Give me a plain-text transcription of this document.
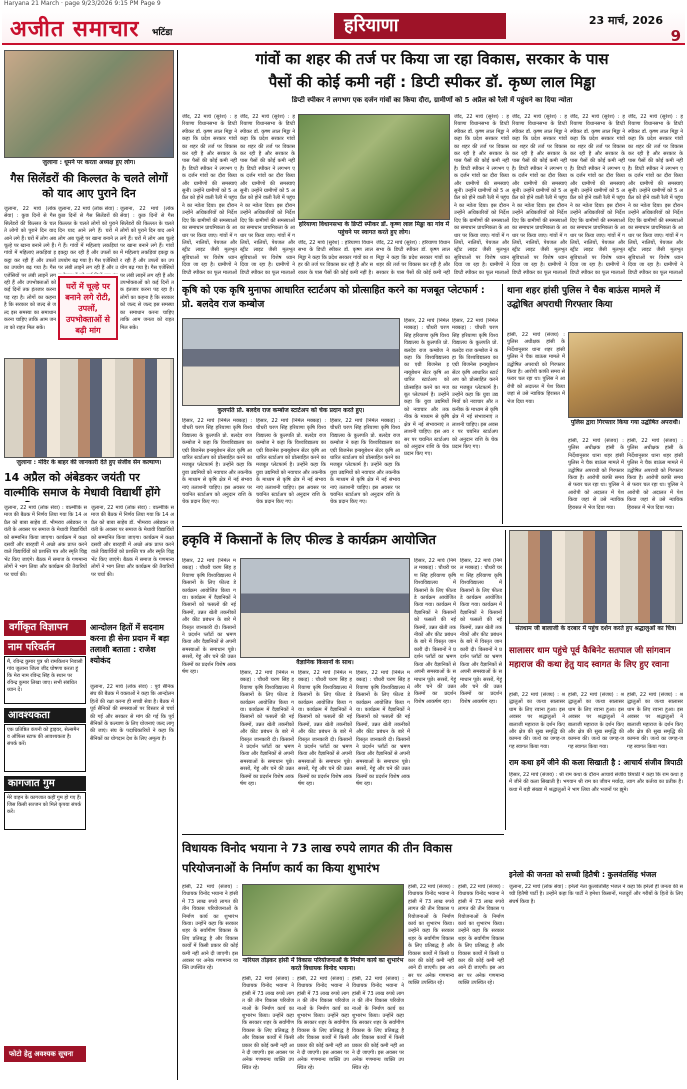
Haryana 21 March · page 9/23/2026 9:15 PM Page 9
अजीत समाचार भटिंडा	हरियाणा	23 मार्च, 2026
9
जुलाना : धूमने पर करता अध्यक्ष हुए लोग।
गैस सिलेंडरों की किल्लत के चलते लोगों को याद आए पुराने दिन
जुलाना, 22 मार्च (लोक सेवा) : कुछ दिनों से गैस सिलेंडरों की किल्लत के चलते लोगों को पुराने दिन याद आने लगे हैं। घरों में लोग अब चूल्हे पर खाना बनाने लगे हैं। गांवों में महिलाएं लकड़ियां इकट्ठा कर रही हैं और उपलों का उपयोग बढ़ गया है। गैस एजेंसियों पर लंबी लाइनें लग रही हैं और उपभोक्ताओं को कई दिनों तक इंतजार करना पड़ रहा है। लोगों का कहना है कि सरकार को जल्द से जल्द इस समस्या का समाधान करना चाहिए ताकि आम जनता को राहत मिल सके।
घरों में चूल्हे पर बनाने लगे रोटी, उपलों, उपभोक्ताओं से बढ़ी मांग
जुलाना, 22 मार्च (लोक सेवा) : कुछ दिनों से गैस सिलेंडरों की किल्लत के चलते लोगों को पुराने दिन याद आने लगे हैं। घरों में लोग अब चूल्हे पर खाना बनाने लगे हैं। गांवों में महिलाएं लकड़ियां इकट्ठा कर रही हैं और उपलों का उपयोग बढ़ गया है। गैस एजेंसियों पर लंबी लाइनें लग रही हैं और उ
जुलाना, 22 मार्च (लोक सेवा) : कुछ दिनों से गैस सिलेंडरों की किल्लत के चलते लोगों को पुराने दिन याद आने लगे हैं। घरों में लोग अब चूल्हे पर खाना बनाने लगे हैं। गांवों में महिलाएं लकड़ियां इकट्ठा कर रही हैं और उपलों का उपयोग बढ़ गया है। गैस एजेंसियों पर लंबी लाइनें लग रही हैं और उपभोक्ताओं को कई दिनों तक इंतजार करना पड़ रहा है। लोगों का कहना है कि सरकार को जल्द से जल्द इस समस्या का समाधान करना चाहिए ताकि आम जनता को राहत मिल सके।
जुलाना : मंदिर के बाहर की जानकारी देते हुए संजीव सेन कल्याण।
14 अप्रैल को अंबेडकर जयंती पर वाल्मीकि समाज के मेधावी विद्यार्थी होंगे
जुलाना, 22 मार्च (लोक सेवा) : वाल्मीकि समाज की बैठक में निर्णय लिया गया कि 14 अप्रैल को बाबा साहेब डॉ. भीमराव अंबेडकर जयंती के अवसर पर समाज के मेधावी विद्यार्थियों को सम्मानित किया जाएगा। कार्यक्रम में कक्षा दसवीं और बारहवीं में अच्छे अंक प्राप्त करने वाले विद्यार्थियों को प्रशस्ति पत्र और स्मृति चिह्न भेंट किए जाएंगे। बैठक में समाज के गणमान्य लोगों ने भाग लिया और कार्यक्रम की तैयारियों पर चर्चा की।
जुलाना, 22 मार्च (लोक सेवा) : वाल्मीकि समाज की बैठक में निर्णय लिया गया कि 14 अप्रैल को बाबा साहेब डॉ. भीमराव अंबेडकर जयंती के अवसर पर समाज के मेधावी विद्यार्थियों को सम्मानित किया जाएगा। कार्यक्रम में कक्षा दसवीं और बारहवीं में अच्छे अंक प्राप्त करने वाले विद्यार्थियों को प्रशस्ति पत्र और स्मृति चिह्न भेंट किए जाएंगे। बैठक में समाज के गणमान्य लोगों ने भाग लिया और कार्यक्रम की तैयारियों पर चर्चा की।
वर्गीकृत विज्ञापन
नाम परिवर्तन
मैं, रविन्द्र कुमार पुत्र श्री रामकिशन निवासी गांव जुलाना जिला जींद घोषणा करता हूं कि मेरा नाम रविन्द्र सिंह के स्थान पर रविन्द्र कुमार लिखा जाए। सभी संबंधित ध्यान दें।
आवश्यकता
एक प्रतिष्ठित कंपनी को ड्राइवर, सेल्समैन व ऑफिस स्टाफ की आवश्यकता है। संपर्क करें।
कागजात गुम
मेरे वाहन के कागजात कहीं गुम हो गए हैं। जिस किसी सज्जन को मिले कृपया संपर्क करें।
फोटो हेतु अवश्यक सूचना
आन्दोलन हितों में सदनाम करना ही सेना प्रदान में बड़ा तलाशी बताता : राजेश श्योकंद
जुलाना, 22 मार्च (लोक सेवा) : पूर्व सैनिक संघ की बैठक में वक्ताओं ने कहा कि आन्दोलन हितों की रक्षा करना ही सच्ची सेवा है। बैठक में पूर्व सैनिकों की समस्याओं पर विस्तार से चर्चा की गई और सरकार से मांग की गई कि पूर्व सैनिकों के कल्याण के लिए योजनाएं जल्द लागू की जाएं। संघ के पदाधिकारियों ने कहा कि सैनिकों का योगदान देश के लिए अमूल्य है।
गांवों का शहर की तर्ज पर किया जा रहा विकास, सरकार के पास
पैसों की कोई कमी नहीं : डिप्टी स्पीकर डॉ. कृष्ण लाल मिड्ढा
डिप्टी स्पीकर ने लगभग एक दर्जन गांवों का किया दौरा, ग्रामीणों को 5 अप्रैल को रैली में पहुंचने का दिया न्योता
जींद, 22 मार्च (सुरेश) : हरियाणा विधानसभा के डिप्टी स्पीकर डॉ. कृष्ण लाल मिड्ढा ने कहा कि प्रदेश सरकार गांवों का शहर की तर्ज पर विकास कर रही है और सरकार के पास पैसों की कोई कमी नहीं है। डिप्टी स्पीकर ने लगभग एक दर्जन गांवों का दौरा किया और ग्रामीणों की समस्याएं सुनीं। उन्होंने ग्रामीणों को 5 अप्रैल को होने वाली रैली में पहुंचने का न्योता दिया। इस दौरान उन्होंने अधिकारियों को निर्देश दिए कि ग्रामीणों की समस्याओं का समाधान प्राथमिकता के आधार पर किया जाए। गांवों में गलियों, नालियों, पेयजल और स्ट्रीट लाइट जैसी मूलभूत सुविधाओं पर विशेष ध्यान दिया जा रहा है। ग्रामीणों ने डिप्टी स्पीकर का फूल मालाओं
जींद, 22 मार्च (सुरेश) : हरियाणा विधानसभा के डिप्टी स्पीकर डॉ. कृष्ण लाल मिड्ढा ने कहा कि प्रदेश सरकार गांवों का शहर की तर्ज पर विकास कर रही है और सरकार के पास पैसों की कोई कमी नहीं है। डिप्टी स्पीकर ने लगभग एक दर्जन गांवों का दौरा किया और ग्रामीणों की समस्याएं सुनीं। उन्होंने ग्रामीणों को 5 अप्रैल को होने वाली रैली में पहुंचने का न्योता दिया। इस दौरान उन्होंने अधिकारियों को निर्देश दिए कि ग्रामीणों की समस्याओं का समाधान प्राथमिकता के आधार पर किया जाए। गांवों में गलियों, नालियों, पेयजल और स्ट्रीट लाइट जैसी मूलभूत सुविधाओं पर विशेष ध्यान दिया जा रहा है। ग्रामीणों ने डिप्टी स्पीकर का फूल मालाओं
हरियाणा विधानसभा के डिप्टी स्पीकर डॉ. कृष्ण लाल मिड्ढा का गांव में पहुंचने पर स्वागत करते हुए लोग।
जींद, 22 मार्च (सुरेश) : हरियाणा विधानसभा के डिप्टी स्पीकर डॉ. कृष्ण लाल मिड्ढा ने कहा कि प्रदेश सरकार गांवों का शहर की तर्ज पर विकास कर रही है और सरकार के पास पैसों की कोई कमी नहीं है।
जींद, 22 मार्च (सुरेश) : हरियाणा विधानसभा के डिप्टी स्पीकर डॉ. कृष्ण लाल मिड्ढा ने कहा कि प्रदेश सरकार गांवों का शहर की तर्ज पर विकास कर रही है और सरकार के पास पैसों की कोई कमी नहीं
जींद, 22 मार्च (सुरेश) : हरियाणा विधानसभा के डिप्टी स्पीकर डॉ. कृष्ण लाल मिड्ढा ने कहा कि प्रदेश सरकार गांवों का शहर की तर्ज पर विकास कर रही है और सरकार के पास पैसों की कोई कमी नहीं है। डिप्टी स्पीकर ने लगभग एक दर्जन गांवों का दौरा किया और ग्रामीणों की समस्याएं सुनीं। उन्होंने ग्रामीणों को 5 अप्रैल को होने वाली रैली में पहुंचने का न्योता दिया। इस दौरान उन्होंने अधिकारियों को निर्देश दिए कि ग्रामीणों की समस्याओं का समाधान प्राथमिकता के आधार पर किया जाए। गांवों में गलियों, नालियों, पेयजल और स्ट्रीट लाइट जैसी मूलभूत सुविधाओं पर विशेष ध्यान दिया जा रहा है। ग्रामीणों ने डिप्टी स्पीकर का फूल मालाओं
जींद, 22 मार्च (सुरेश) : हरियाणा विधानसभा के डिप्टी स्पीकर डॉ. कृष्ण लाल मिड्ढा ने कहा कि प्रदेश सरकार गांवों का शहर की तर्ज पर विकास कर रही है और सरकार के पास पैसों की कोई कमी नहीं है। डिप्टी स्पीकर ने लगभग एक दर्जन गांवों का दौरा किया और ग्रामीणों की समस्याएं सुनीं। उन्होंने ग्रामीणों को 5 अप्रैल को होने वाली रैली में पहुंचने का न्योता दिया। इस दौरान उन्होंने अधिकारियों को निर्देश दिए कि ग्रामीणों की समस्याओं का समाधान प्राथमिकता के आधार पर किया जाए। गांवों में गलियों, नालियों, पेयजल और स्ट्रीट लाइट जैसी मूलभूत सुविधाओं पर विशेष ध्यान दिया जा रहा है। ग्रामीणों ने डिप्टी स्पीकर का फूल मालाओं
जींद, 22 मार्च (सुरेश) : हरियाणा विधानसभा के डिप्टी स्पीकर डॉ. कृष्ण लाल मिड्ढा ने कहा कि प्रदेश सरकार गांवों का शहर की तर्ज पर विकास कर रही है और सरकार के पास पैसों की कोई कमी नहीं है। डिप्टी स्पीकर ने लगभग एक दर्जन गांवों का दौरा किया और ग्रामीणों की समस्याएं सुनीं। उन्होंने ग्रामीणों को 5 अप्रैल को होने वाली रैली में पहुंचने का न्योता दिया। इस दौरान उन्होंने अधिकारियों को निर्देश दिए कि ग्रामीणों की समस्याओं का समाधान प्राथमिकता के आधार पर किया जाए। गांवों में गलियों, नालियों, पेयजल और स्ट्रीट लाइट जैसी मूलभूत सुविधाओं पर विशेष ध्यान दिया जा रहा है। ग्रामीणों ने डिप्टी स्पीकर का फूल मालाओं
जींद, 22 मार्च (सुरेश) : हरियाणा विधानसभा के डिप्टी स्पीकर डॉ. कृष्ण लाल मिड्ढा ने कहा कि प्रदेश सरकार गांवों का शहर की तर्ज पर विकास कर रही है और सरकार के पास पैसों की कोई कमी नहीं है। डिप्टी स्पीकर ने लगभग एक दर्जन गांवों का दौरा किया और ग्रामीणों की समस्याएं सुनीं। उन्होंने ग्रामीणों को 5 अप्रैल को होने वाली रैली में पहुंचने का न्योता दिया। इस दौरान उन्होंने अधिकारियों को निर्देश दिए कि ग्रामीणों की समस्याओं का समाधान प्राथमिकता के आधार पर किया जाए। गांवों में गलियों, नालियों, पेयजल और स्ट्रीट लाइट जैसी मूलभूत सुविधाओं पर विशेष ध्यान दिया जा रहा है। ग्रामीणों ने डिप्टी स्पीकर का फूल मालाओं
कृषि को एक कृषि मुनाफा आधारित स्टार्टअप को प्रोत्साहित करने का मजबूत प्लेटफार्म : प्रो. बलदेव राज कम्बोज
कुलपति प्रो. बलदेव राज कम्बोज स्टार्टअप को चेक प्रदान करते हुए।
हिसार, 22 मार्च (निर्मल मक्कड़) : चौधरी चरण सिंह हरियाणा कृषि विश्वविद्यालय के कुलपति प्रो. बलदेव राज कम्बोज ने कहा कि विश्वविद्यालय का एग्री बिजनेस इन्क्यूबेशन सेंटर कृषि आधारित स्टार्टअप को प्रोत्साहित करने का मजबूत प्लेटफार्म है। उन्होंने कहा कि युवा उद्यमियों को नवाचार और तकनीक के माध्यम से कृषि क्षेत्र में नई संभावनाएं तलाशनी चाहिए। इस अवसर पर चयनित स्टार्टअप को अनुदान राशि के चेक प्रदान किए गए।
हिसार, 22 मार्च (निर्मल मक्कड़) : चौधरी चरण सिंह हरियाणा कृषि विश्वविद्यालय के कुलपति प्रो. बलदेव राज कम्बोज ने कहा कि विश्वविद्यालय का एग्री बिजनेस इन्क्यूबेशन सेंटर कृषि आधारित स्टार्टअप को प्रोत्साहित करने का मजबूत प्लेटफार्म है। उन्होंने कहा कि युवा उद्यमियों को नवाचार और तकनीक के माध्यम से कृषि क्षेत्र में नई संभावनाएं तलाशनी चाहिए। इस अवसर पर चयनित स्टार्टअप को अनुदान राशि के चेक प्रदान किए गए।
हिसार, 22 मार्च (निर्मल मक्कड़) : चौधरी चरण सिंह हरियाणा कृषि विश्वविद्यालय के कुलपति प्रो. बलदेव राज कम्बोज ने कहा कि विश्वविद्यालय का एग्री बिजनेस इन्क्यूबेशन सेंटर कृषि आधारित स्टार्टअप को प्रोत्साहित करने का मजबूत प्लेटफार्म है। उन्होंने कहा कि युवा उद्यमियों को नवाचार और तकनीक के माध्यम से कृषि क्षेत्र में नई संभावनाएं तलाशनी चाहिए। इस अवसर पर चयनित स्टार्टअप को अनुदान राशि के चेक प्रदान किए गए।
हिसार, 22 मार्च (निर्मल मक्कड़) : चौधरी चरण सिंह हरियाणा कृषि विश्वविद्यालय के कुलपति प्रो. बलदेव राज कम्बोज ने कहा कि विश्वविद्यालय का एग्री बिजनेस इन्क्यूबेशन सेंटर कृषि आधारित स्टार्टअप को प्रोत्साहित करने का मजबूत प्लेटफार्म है। उन्होंने कहा कि युवा उद्यमियों को नवाचार और तकनीक के माध्यम से कृषि क्षेत्र में नई संभावनाएं तलाशनी चाहिए। इस अवसर पर चयनित स्टार्टअप को अनुदान राशि के चेक प्रदान किए गए।
हिसार, 22 मार्च (निर्मल मक्कड़) : चौधरी चरण सिंह हरियाणा कृषि विश्वविद्यालय के कुलपति प्रो. बलदेव राज कम्बोज ने कहा कि विश्वविद्यालय का एग्री बिजनेस इन्क्यूबेशन सेंटर कृषि आधारित स्टार्टअप को प्रोत्साहित करने का मजबूत प्लेटफार्म है। उन्होंने कहा कि युवा उद्यमियों को नवाचार और तकनीक के माध्यम से कृषि क्षेत्र में नई संभावनाएं तलाशनी चाहिए। इस अवसर पर चयनित स्टार्टअप को अनुदान राशि के चेक प्रदान किए गए।
थाना शहर हांसी पुलिस ने चैक बाऊंस मामले में उद्घोषित अपराधी गिरफ्तार किया
हांसी, 22 मार्च (संजय) : पुलिस अधीक्षक हांसी के निर्देशानुसार थाना शहर हांसी पुलिस ने चैक बाऊंस मामले में उद्घोषित अपराधी को गिरफ्तार किया है। आरोपी काफी समय से फरार चल रहा था। पुलिस ने आरोपी को अदालत में पेश किया जहां से उसे न्यायिक हिरासत में भेज दिया गया।
पुलिस द्वारा गिरफ्तार किया गया उद्घोषित अपराधी।
हांसी, 22 मार्च (संजय) : पुलिस अधीक्षक हांसी के निर्देशानुसार थाना शहर हांसी पुलिस ने चैक बाऊंस मामले में उद्घोषित अपराधी को गिरफ्तार किया है। आरोपी काफी समय से फरार चल रहा था। पुलिस ने आरोपी को अदालत में पेश किया जहां से उसे न्यायिक हिरासत में भेज दिया गया।
हांसी, 22 मार्च (संजय) : पुलिस अधीक्षक हांसी के निर्देशानुसार थाना शहर हांसी पुलिस ने चैक बाऊंस मामले में उद्घोषित अपराधी को गिरफ्तार किया है। आरोपी काफी समय से फरार चल रहा था। पुलिस ने आरोपी को अदालत में पेश किया जहां से उसे न्यायिक हिरासत में भेज दिया गया।
हकृवि में किसानों के लिए फील्ड डे कार्यक्रम आयोजित
हिसार, 22 मार्च (निर्मल मक्कड़) : चौधरी चरण सिंह हरियाणा कृषि विश्वविद्यालय में किसानों के लिए फील्ड डे कार्यक्रम आयोजित किया गया। कार्यक्रम में वैज्ञानिकों ने किसानों को फसलों की नई किस्मों, उन्नत खेती तकनीकों और कीट प्रबंधन के बारे में विस्तृत जानकारी दी। किसानों ने प्रदर्शन प्लॉटों का भ्रमण किया और वैज्ञानिकों से अपनी समस्याओं के समाधान पूछे। सरसों, गेहूं और चने की उन्नत किस्मों का प्रदर्शन विशेष आकर्षण रहा।
वैज्ञानिक किसानों के साथ।
हिसार, 22 मार्च (निर्मल मक्कड़) : चौधरी चरण सिंह हरियाणा कृषि विश्वविद्यालय में किसानों के लिए फील्ड डे कार्यक्रम आयोजित किया गया। कार्यक्रम में वैज्ञानिकों ने किसानों को फसलों की नई किस्मों, उन्नत खेती तकनीकों और कीट प्रबंधन के बारे में विस्तृत जानकारी दी। किसानों ने प्रदर्शन प्लॉटों का भ्रमण किया और वैज्ञानिकों से अपनी समस्याओं के समाधान पूछे। सरसों, गेहूं और चने की उन्नत किस्मों का प्रदर्शन विशेष आकर्षण रहा।
हिसार, 22 मार्च (निर्मल मक्कड़) : चौधरी चरण सिंह हरियाणा कृषि विश्वविद्यालय में किसानों के लिए फील्ड डे कार्यक्रम आयोजित किया गया। कार्यक्रम में वैज्ञानिकों ने किसानों को फसलों की नई किस्मों, उन्नत खेती तकनीकों और कीट प्रबंधन के बारे में विस्तृत जानकारी दी। किसानों ने प्रदर्शन प्लॉटों का भ्रमण किया और वैज्ञानिकों से अपनी समस्याओं के समाधान पूछे। सरसों, गेहूं और चने की उन्नत किस्मों का प्रदर्शन विशेष आकर्षण रहा।
हिसार, 22 मार्च (निर्मल मक्कड़) : चौधरी चरण सिंह हरियाणा कृषि विश्वविद्यालय में किसानों के लिए फील्ड डे कार्यक्रम आयोजित किया गया। कार्यक्रम में वैज्ञानिकों ने किसानों को फसलों की नई किस्मों, उन्नत खेती तकनीकों और कीट प्रबंधन के बारे में विस्तृत जानकारी दी। किसानों ने प्रदर्शन प्लॉटों का भ्रमण किया और वैज्ञानिकों से अपनी समस्याओं के समाधान पूछे। सरसों, गेहूं और चने की उन्नत किस्मों का प्रदर्शन विशेष आकर्षण रहा।
हिसार, 22 मार्च (निर्मल मक्कड़) : चौधरी चरण सिंह हरियाणा कृषि विश्वविद्यालय में किसानों के लिए फील्ड डे कार्यक्रम आयोजित किया गया। कार्यक्रम में वैज्ञानिकों ने किसानों को फसलों की नई किस्मों, उन्नत खेती तकनीकों और कीट प्रबंधन के बारे में विस्तृत जानकारी दी। किसानों ने प्रदर्शन प्लॉटों का भ्रमण किया और वैज्ञानिकों से अपनी समस्याओं के समाधान पूछे। सरसों, गेहूं और चने की उन्नत किस्मों का प्रदर्शन विशेष आकर्षण रहा।
हिसार, 22 मार्च (निर्मल मक्कड़) : चौधरी चरण सिंह हरियाणा कृषि विश्वविद्यालय में किसानों के लिए फील्ड डे कार्यक्रम आयोजित किया गया। कार्यक्रम में वैज्ञानिकों ने किसानों को फसलों की नई किस्मों, उन्नत खेती तकनीकों और कीट प्रबंधन के बारे में विस्तृत जानकारी दी। किसानों ने प्रदर्शन प्लॉटों का भ्रमण किया और वैज्ञानिकों से अपनी समस्याओं के समाधान पूछे। सरसों, गेहूं और चने की उन्नत किस्मों का प्रदर्शन विशेष आकर्षण रहा।
संतधाम जी बालाजी के दरबार में पहुंच दर्शन करते हुए श्रद्धालुओं का चित्र।
सालासर धाम पहुंचे पूर्व कैबिनेट सतपाल जी सांगवान महाराज की कथा हेतु याद स्वागत के लिए हुए रवाना
हांसी, 22 मार्च (संजय) : श्रद्धालुओं का जत्था सालासर धाम के लिए रवाना हुआ। इस अवसर पर श्रद्धालुओं ने बालाजी महाराज के दर्शन किए और क्षेत्र की सुख समृद्धि की कामना की। जत्थे का जगह-जगह स्वागत किया गया।
हांसी, 22 मार्च (संजय) : श्रद्धालुओं का जत्था सालासर धाम के लिए रवाना हुआ। इस अवसर पर श्रद्धालुओं ने बालाजी महाराज के दर्शन किए और क्षेत्र की सुख समृद्धि की कामना की। जत्थे का जगह-जगह स्वागत किया गया।
हांसी, 22 मार्च (संजय) : श्रद्धालुओं का जत्था सालासर धाम के लिए रवाना हुआ। इस अवसर पर श्रद्धालुओं ने बालाजी महाराज के दर्शन किए और क्षेत्र की सुख समृद्धि की कामना की। जत्थे का जगह-जगह स्वागत किया गया।
राम कथा हमें जीने की कला सिखाती है : आचार्य संजीव त्रिपाठी
हिसार, 22 मार्च (संजय) : श्री राम कथा के दौरान आचार्य संजीव त्रिपाठी ने कहा कि राम कथा हमें जीने की कला सिखाती है। भगवान श्री राम का जीवन मर्यादा, त्याग और कर्तव्य का प्रतीक है। कथा में बड़ी संख्या में श्रद्धालुओं ने भाग लिया और भजनों पर झूमे।
विधायक विनोद भयाना ने 73 लाख रुपये लागत की तीन विकास परियोजनाओं के निर्माण कार्य का किया शुभारंभ
हांसी, 22 मार्च (संजय) : विधायक विनोद भयाना ने हांसी में 73 लाख रुपये लागत की तीन विकास परियोजनाओं के निर्माण कार्य का शुभारंभ किया। उन्होंने कहा कि सरकार शहर के सर्वांगीण विकास के लिए प्रतिबद्ध है और विकास कार्यों में किसी प्रकार की कोई कमी नहीं आने दी जाएगी। इस अवसर पर अनेक गणमान्य व्यक्ति उपस्थित रहे।
नारियल तोड़कर हांसी में विकास परियोजनाओं के निर्माण कार्य का शुभारंभ करते विधायक विनोद भयाना।
हांसी, 22 मार्च (संजय) : विधायक विनोद भयाना ने हांसी में 73 लाख रुपये लागत की तीन विकास परियोजनाओं के निर्माण कार्य का शुभारंभ किया। उन्होंने कहा कि सरकार शहर के सर्वांगीण विकास के लिए प्रतिबद्ध है और विकास कार्यों में किसी प्रकार की कोई कमी नहीं आने दी जाएगी। इस अवसर पर अनेक गणमान्य व्यक्ति उपस्थित रहे।
हांसी, 22 मार्च (संजय) : विधायक विनोद भयाना ने हांसी में 73 लाख रुपये लागत की तीन विकास परियोजनाओं के निर्माण कार्य का शुभारंभ किया। उन्होंने कहा कि सरकार शहर के सर्वांगीण विकास के लिए प्रतिबद्ध है और विकास कार्यों में किसी प्रकार की कोई कमी नहीं आने दी जाएगी। इस अवसर पर अनेक गणमान्य व्यक्ति उपस्थित रहे।
हांसी, 22 मार्च (संजय) : विधायक विनोद भयाना ने हांसी में 73 लाख रुपये लागत की तीन विकास परियोजनाओं के निर्माण कार्य का शुभारंभ किया। उन्होंने कहा कि सरकार शहर के सर्वांगीण विकास के लिए प्रतिबद्ध है और विकास कार्यों में किसी प्रकार की कोई कमी नहीं आने दी जाएगी। इस अवसर पर अनेक गणमान्य व्यक्ति उपस्थित रहे।
हांसी, 22 मार्च (संजय) : विधायक विनोद भयाना ने हांसी में 73 लाख रुपये लागत की तीन विकास परियोजनाओं के निर्माण कार्य का शुभारंभ किया। उन्होंने कहा कि सरकार शहर के सर्वांगीण विकास के लिए प्रतिबद्ध है और विकास कार्यों में किसी प्रकार की कोई कमी नहीं आने दी जाएगी। इस अवसर पर अनेक गणमान्य व्यक्ति उपस्थित रहे।
हांसी, 22 मार्च (संजय) : विधायक विनोद भयाना ने हांसी में 73 लाख रुपये लागत की तीन विकास परियोजनाओं के निर्माण कार्य का शुभारंभ किया। उन्होंने कहा कि सरकार शहर के सर्वांगीण विकास के लिए प्रतिबद्ध है और विकास कार्यों में किसी प्रकार की कोई कमी नहीं आने दी जाएगी। इस अवसर पर अनेक गणमान्य व्यक्ति उपस्थित रहे।
इनेलो की जनता को सच्ची हितैषी : कुलवंतसिंह भंजल
जुलाना, 22 मार्च (लोक सेवा) : इनेलो नेता कुलवंतसिंह भंजल ने कहा कि इनेलो ही जनता की सच्ची हितैषी पार्टी है। उन्होंने कहा कि पार्टी ने हमेशा किसानों, मजदूरों और गरीबों के हितों के लिए संघर्ष किया है।
